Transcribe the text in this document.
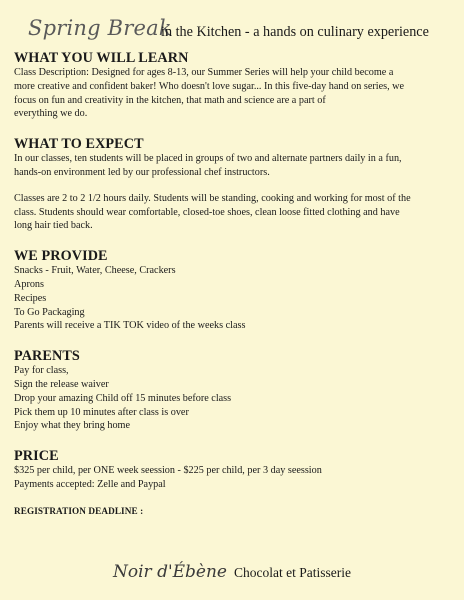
Spring Break
in the Kitchen - a hands on culinary experience
WHAT YOU WILL LEARN
Class Description: Designed for ages 8-13, our Summer Series will help your child become a
more creative and confident baker! Who doesn't love sugar... In this five-day hand on series, we
focus on fun and creativity in the kitchen, that math and science are a part of
everything we do.
WHAT TO EXPECT
In our classes, ten students will be placed in groups of two and alternate partners daily in a fun,
hands-on environment led by our professional chef instructors.
Classes are 2 to 2 1/2 hours daily. Students will be standing, cooking and working for most of the
class. Students should wear comfortable, closed-toe shoes, clean loose fitted clothing and have
long hair tied back.
WE PROVIDE
Snacks - Fruit, Water, Cheese, Crackers
Aprons
Recipes
To Go Packaging
Parents will receive a TIK TOK video of the weeks class
PARENTS
Pay for class,
Sign the release waiver
Drop your amazing Child off 15 minutes before class
Pick them up 10 minutes after class is over
Enjoy what they bring home
PRICE
$325 per child, per ONE week seession - $225 per child, per 3 day seession
Payments accepted: Zelle and Paypal
REGISTRATION DEADLINE :
Noir d'Ébène Chocolat et Patisserie
